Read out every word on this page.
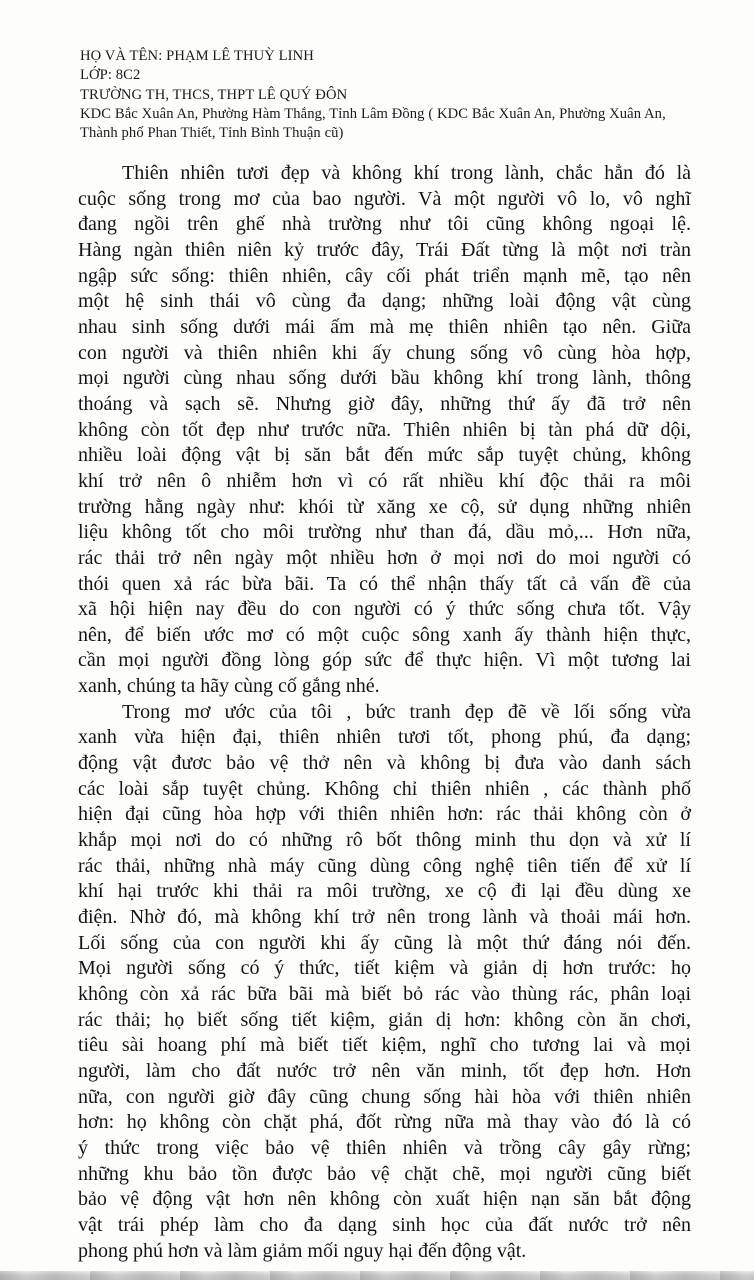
HỌ VÀ TÊN: PHẠM LÊ THUỲ LINH
LỚP: 8C2
TRƯỜNG TH, THCS, THPT LÊ QUÝ ĐÔN
KDC Bắc Xuân An, Phường Hàm Thắng, Tỉnh Lâm Đồng ( KDC Bắc Xuân An, Phường Xuân An, Thành phố Phan Thiết, Tỉnh Bình Thuận cũ)
Thiên nhiên tươi đẹp và không khí trong lành, chắc hẳn đó là
cuộc sống trong mơ của bao người. Và một người vô lo, vô nghĩ
đang ngồi trên ghế nhà trường như tôi cũng không ngoại lệ.
Hàng ngàn thiên niên kỷ trước đây, Trái Đất từng là một nơi tràn
ngập sức sống: thiên nhiên, cây cối phát triển mạnh mẽ, tạo nên
một hệ sinh thái vô cùng đa dạng; những loài động vật cùng
nhau sinh sống dưới mái ấm mà mẹ thiên nhiên tạo nên. Giữa
con người và thiên nhiên khi ấy chung sống vô cùng hòa hợp,
mọi người cùng nhau sống dưới bầu không khí trong lành, thông
thoáng và sạch sẽ. Nhưng giờ đây, những thứ ấy đã trở nên
không còn tốt đẹp như trước nữa. Thiên nhiên bị tàn phá dữ dội,
nhiều loài động vật bị săn bắt đến mức sắp tuyệt chủng, không
khí trở nên ô nhiễm hơn vì có rất nhiều khí độc thải ra môi
trường hằng ngày như: khói từ xăng xe cộ, sử dụng những nhiên
liệu không tốt cho môi trường như than đá, dầu mỏ,... Hơn nữa,
rác thải trở nên ngày một nhiều hơn ở mọi nơi do moi người có
thói quen xả rác bừa bãi. Ta có thể nhận thấy tất cả vấn đề của
xã hội hiện nay đều do con người có ý thức sống chưa tốt. Vậy
nên, để biến ước mơ có một cuộc sông xanh ấy thành hiện thực,
cần mọi người đồng lòng góp sức để thực hiện. Vì một tương lai
xanh, chúng ta hãy cùng cố gắng nhé.
Trong mơ ước của tôi , bức tranh đẹp đẽ về lối sống vừa
xanh vừa hiện đại, thiên nhiên tươi tốt, phong phú, đa dạng;
động vật đươc bảo vệ thở nên và không bị đưa vào danh sách
các loài sắp tuyệt chủng. Không chỉ thiên nhiên , các thành phố
hiện đại cũng hòa hợp với thiên nhiên hơn: rác thải không còn ở
khắp mọi nơi do có những rô bốt thông minh thu dọn và xử lí
rác thải, những nhà máy cũng dùng công nghệ tiên tiến để xử lí
khí hại trước khi thải ra môi trường, xe cộ đi lại đều dùng xe
điện. Nhờ đó, mà không khí trở nên trong lành và thoải mái hơn.
Lối sống của con người khi ấy cũng là một thứ đáng nói đến.
Mọi người sống có ý thức, tiết kiệm và giản dị hơn trước: họ
không còn xả rác bữa bãi mà biết bỏ rác vào thùng rác, phân loại
rác thải; họ biết sống tiết kiệm, giản dị hơn: không còn ăn chơi,
tiêu sài hoang phí mà biết tiết kiệm, nghĩ cho tương lai và mọi
người, làm cho đất nước trở nên văn minh, tốt đẹp hơn. Hơn
nữa, con người giờ đây cũng chung sống hài hòa với thiên nhiên
hơn: họ không còn chặt phá, đốt rừng nữa mà thay vào đó là có
ý thức trong việc bảo vệ thiên nhiên và trồng cây gây rừng;
những khu bảo tồn được bảo vệ chặt chẽ, mọi người cũng biết
bảo vệ động vật hơn nên không còn xuất hiện nạn săn bắt động
vật trái phép làm cho đa dạng sinh học của đất nước trở nên
phong phú hơn và làm giảm mối nguy hại đến động vật.
